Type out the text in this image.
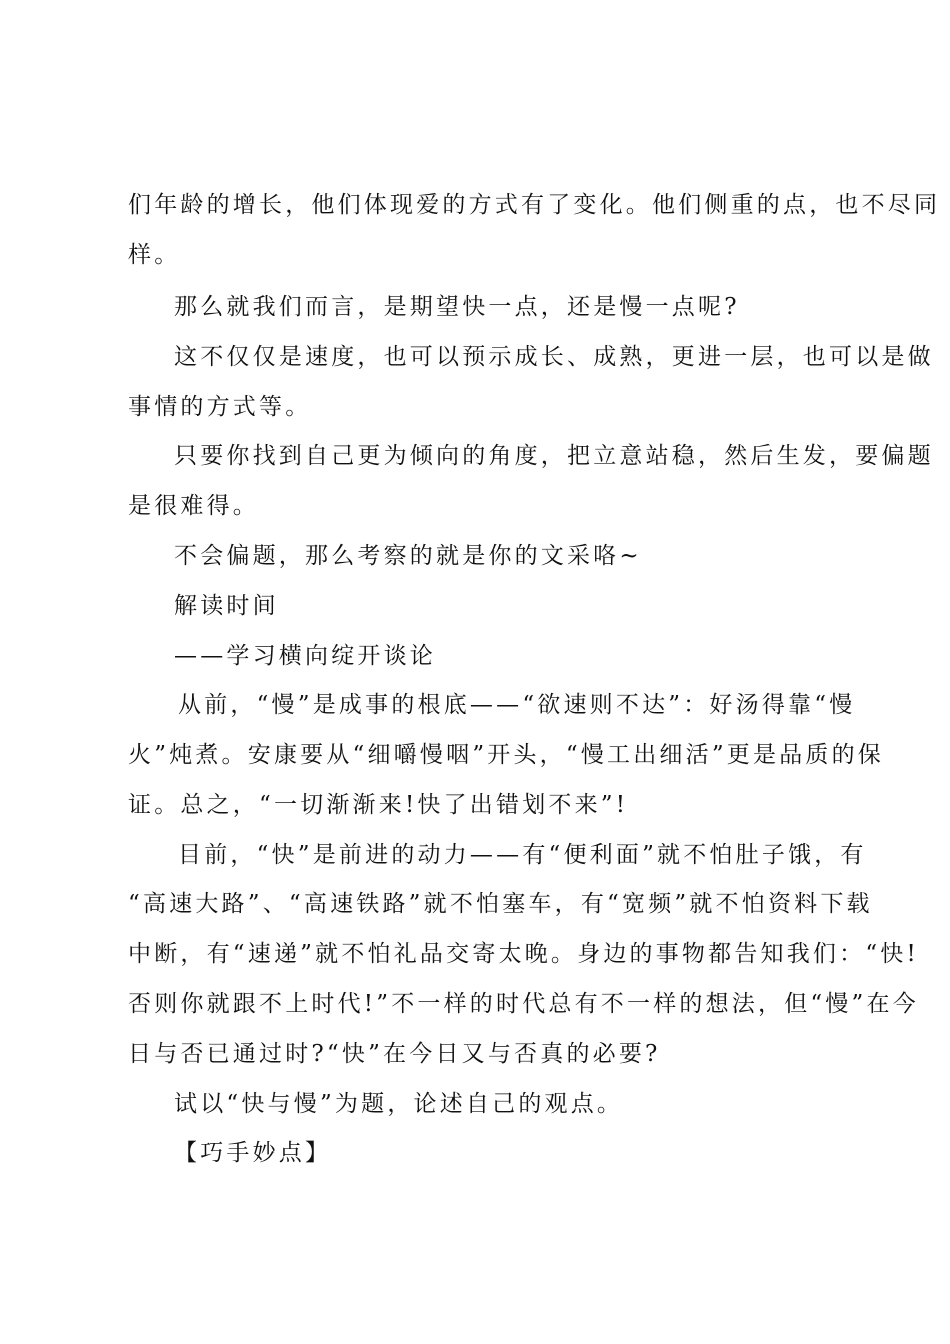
们年龄的增长，他们体现爱的方式有了变化。他们侧重的点，也不尽同
样。
那么就我们而言，是期望快一点，还是慢一点呢?
这不仅仅是速度，也可以预示成长、成熟，更进一层，也可以是做
事情的方式等。
只要你找到自己更为倾向的角度，把立意站稳，然后生发，要偏题
是很难得。
不会偏题，那么考察的就是你的文采咯~
解读时间
——学习横向绽开谈论
从前，“慢”是成事的根底——“欲速则不达”：好汤得靠“慢
火”炖煮。安康要从“细嚼慢咽”开头，“慢工出细活”更是品质的保
证。总之，“一切渐渐来!快了出错划不来”!
目前，“快”是前进的动力——有“便利面”就不怕肚子饿，有
“高速大路”、“高速铁路”就不怕塞车，有“宽频”就不怕资料下载
中断，有“速递”就不怕礼品交寄太晚。身边的事物都告知我们：“快!
否则你就跟不上时代!”不一样的时代总有不一样的想法，但“慢”在今
日与否已通过时?“快”在今日又与否真的必要?
试以“快与慢”为题，论述自己的观点。
【巧手妙点】
